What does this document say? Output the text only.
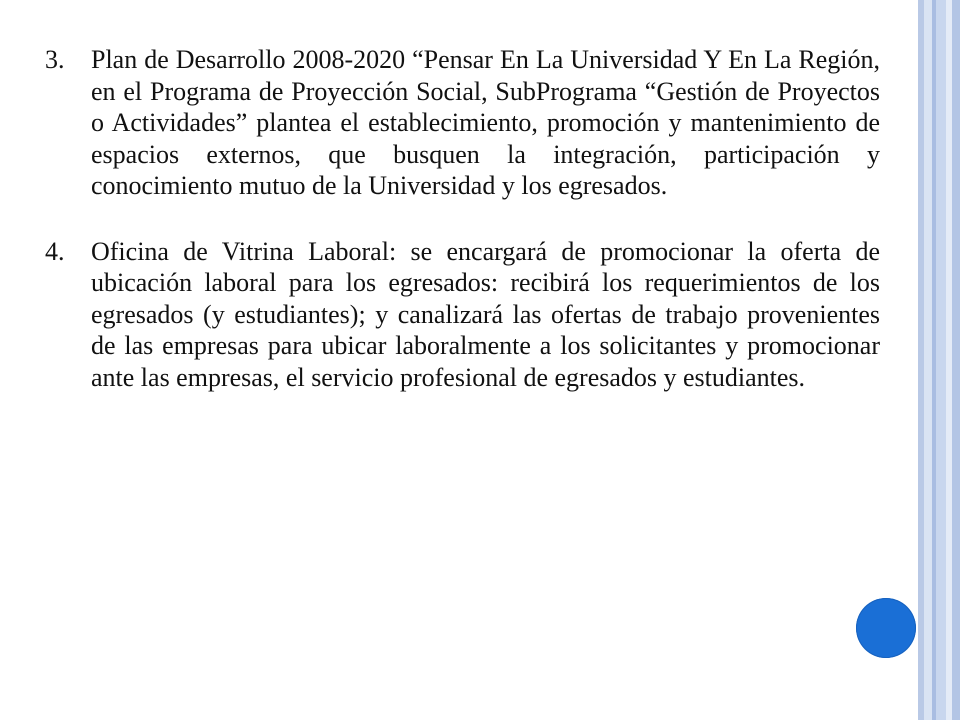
3.	Plan de Desarrollo 2008-2020 “Pensar En La Universidad Y En La Región, en el Programa de Proyección Social, SubPrograma “Gestión de Proyectos o Actividades” plantea el establecimiento, promoción y mantenimiento de espacios externos, que busquen la integración, participación y conocimiento mutuo de la Universidad y los egresados.
4.	Oficina de Vitrina Laboral: se encargará de promocionar la oferta de ubicación laboral para los egresados: recibirá los requerimientos de los egresados (y estudiantes); y canalizará las ofertas de trabajo provenientes de las empresas para ubicar laboralmente a los solicitantes y promocionar ante las empresas, el servicio profesional de egresados y estudiantes.
